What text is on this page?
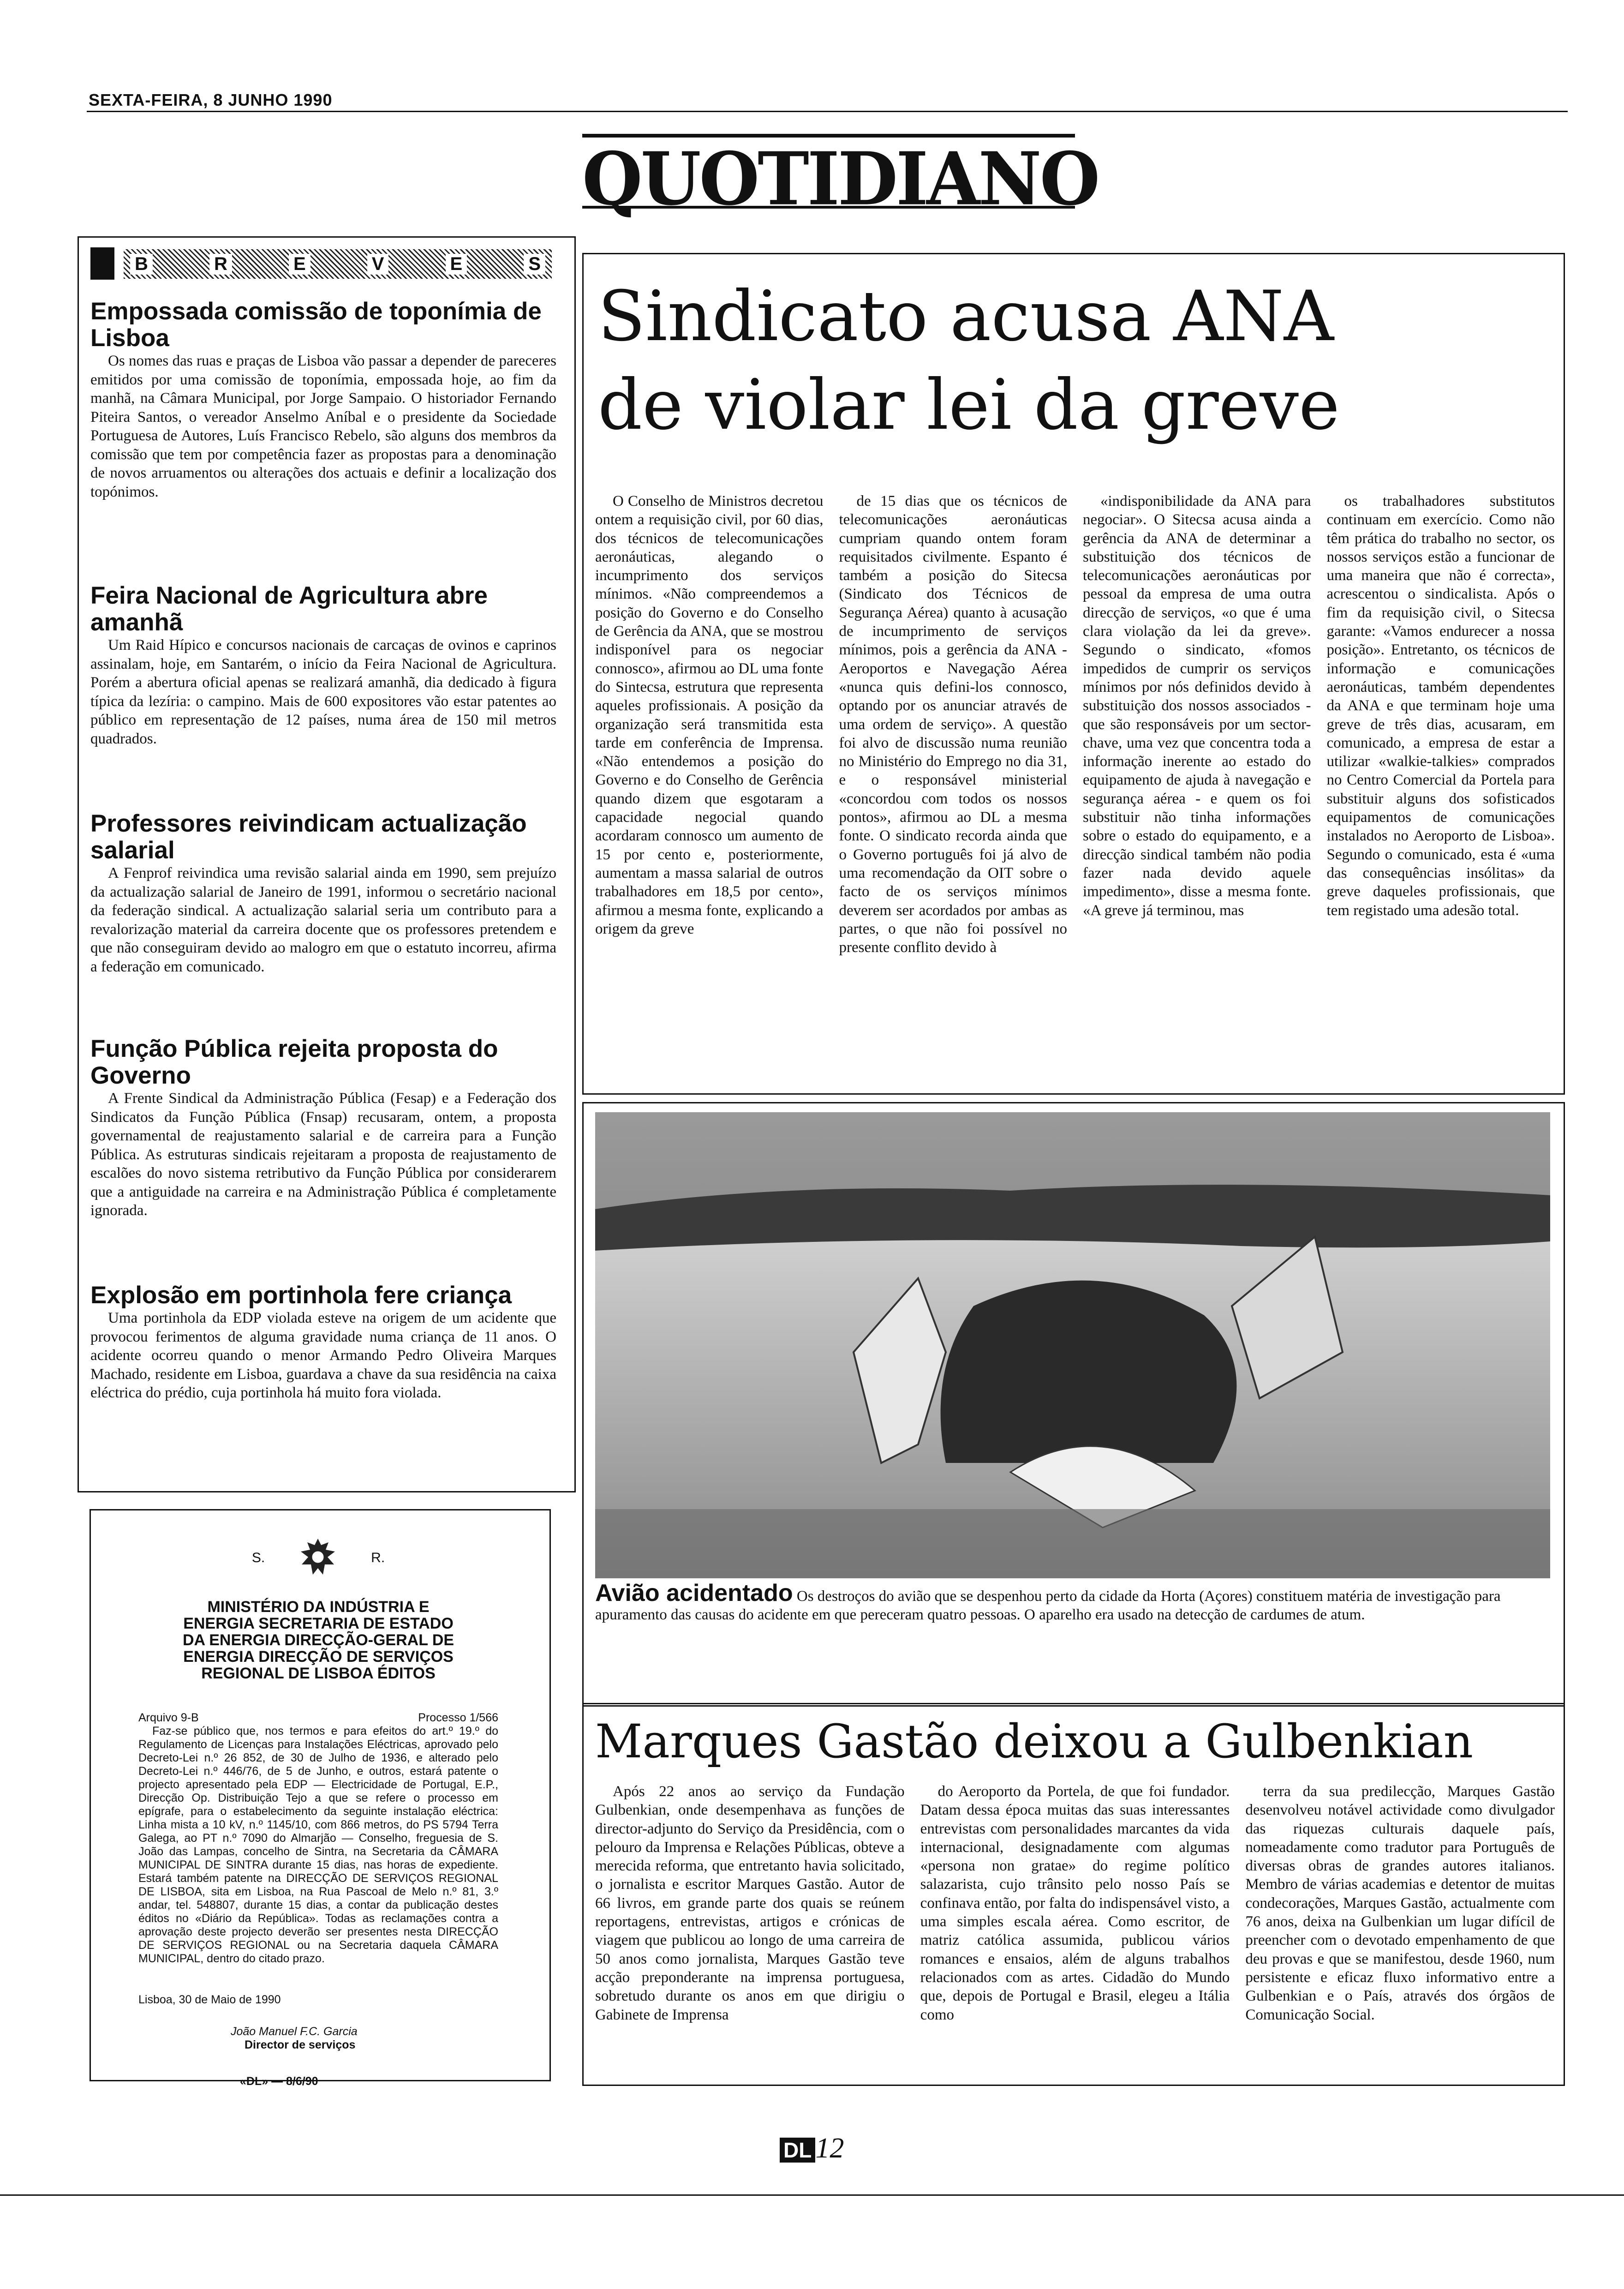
SEXTA-FEIRA, 8 JUNHO 1990
QUOTIDIANO
B	R	E	V	E	S
Empossada comissão de toponímia de Lisboa

Os nomes das ruas e praças de Lisboa vão passar a depender de pareceres emitidos por uma comissão de toponímia, empossada hoje, ao fim da manhã, na Câmara Municipal, por Jorge Sampaio. O historiador Fernando Piteira Santos, o vereador Anselmo Aníbal e o presidente da Sociedade Portuguesa de Autores, Luís Francisco Rebelo, são alguns dos membros da comissão que tem por competência fazer as propostas para a denominação de novos arruamentos ou alterações dos actuais e definir a localização dos topónimos.

Feira Nacional de Agricultura abre amanhã

Um Raid Hípico e concursos nacionais de carcaças de ovinos e caprinos assinalam, hoje, em Santarém, o início da Feira Nacional de Agricultura. Porém a abertura oficial apenas se realizará amanhã, dia dedicado à figura típica da lezíria: o campino. Mais de 600 expositores vão estar patentes ao público em representação de 12 países, numa área de 150 mil metros quadrados.

Professores reivindicam actualização salarial

A Fenprof reivindica uma revisão salarial ainda em 1990, sem prejuízo da actualização salarial de Janeiro de 1991, informou o secretário nacional da federação sindical. A actualização salarial seria um contributo para a revalorização material da carreira docente que os professores pretendem e que não conseguiram devido ao malogro em que o estatuto incorreu, afirma a federação em comunicado.

Função Pública rejeita proposta do Governo

A Frente Sindical da Administração Pública (Fesap) e a Federação dos Sindicatos da Função Pública (Fnsap) recusaram, ontem, a proposta governamental de reajustamento salarial e de carreira para a Função Pública. As estruturas sindicais rejeitaram a proposta de reajustamento de escalões do novo sistema retributivo da Função Pública por considerarem que a antiguidade na carreira e na Administração Pública é completamente ignorada.

Explosão em portinhola fere criança

Uma portinhola da EDP violada esteve na origem de um acidente que provocou ferimentos de alguma gravidade numa criança de 11 anos. O acidente ocorreu quando o menor Armando Pedro Oliveira Marques Machado, residente em Lisboa, guardava a chave da sua residência na caixa eléctrica do prédio, cuja portinhola há muito fora violada.

S.	R.
MINISTÉRIO DA INDÚSTRIA E ENERGIA SECRETARIA DE ESTADO DA ENERGIA DIRECÇÃO-GERAL DE ENERGIA DIRECÇÃO DE SERVIÇOS REGIONAL DE LISBOA ÉDITOS
Arquivo 9-B	Processo 1/566
Faz-se público que, nos termos e para efeitos do art.º 19.º do Regulamento de Licenças para Instalações Eléctricas, aprovado pelo Decreto-Lei n.º 26 852, de 30 de Julho de 1936, e alterado pelo Decreto-Lei n.º 446/76, de 5 de Junho, e outros, estará patente o projecto apresentado pela EDP — Electricidade de Portugal, E.P., Direcção Op. Distribuição Tejo a que se refere o processo em epígrafe, para o estabelecimento da seguinte instalação eléctrica: Linha mista a 10 kV, n.º 1145/10, com 866 metros, do PS 5794 Terra Galega, ao PT n.º 7090 do Almarjão — Conselho, freguesia de S. João das Lampas, concelho de Sintra, na Secretaria da CÂMARA MUNICIPAL DE SINTRA durante 15 dias, nas horas de expediente. Estará também patente na DIRECÇÃO DE SERVIÇOS REGIONAL DE LISBOA, sita em Lisboa, na Rua Pascoal de Melo n.º 81, 3.º andar, tel. 548807, durante 15 dias, a contar da publicação destes éditos no «Diário da República». Todas as reclamações contra a aprovação deste projecto deverão ser presentes nesta DIRECÇÃO DE SERVIÇOS REGIONAL ou na Secretaria daquela CÂMARA MUNICIPAL, dentro do citado prazo.
Lisboa, 30 de Maio de 1990
João Manuel F.C. Garcia
Director de serviços
«DL» — 8/6/90
Sindicato acusa ANA
de violar lei da greve

O Conselho de Ministros decretou ontem a requisição civil, por 60 dias, dos técnicos de telecomunicações aeronáuticas, alegando o incumprimento dos serviços mínimos. «Não compreendemos a posição do Governo e do Conselho de Gerência da ANA, que se mostrou indisponível para os negociar connosco», afirmou ao DL uma fonte do Sintecsa, estrutura que representa aqueles profissionais. A posição da organização será transmitida esta tarde em conferência de Imprensa. «Não entendemos a posição do Governo e do Conselho de Gerência quando dizem que esgotaram a capacidade negocial quando acordaram connosco um aumento de 15 por cento e, posteriormente, aumentam a massa salarial de outros trabalhadores em 18,5 por cento», afirmou a mesma fonte, explicando a origem da greve

de 15 dias que os técnicos de telecomunicações aeronáuticas cumpriam quando ontem foram requisitados civilmente. Espanto é também a posição do Sitecsa (Sindicato dos Técnicos de Segurança Aérea) quanto à acusação de incumprimento de serviços mínimos, pois a gerência da ANA - Aeroportos e Navegação Aérea «nunca quis defini-los connosco, optando por os anunciar através de uma ordem de serviço». A questão foi alvo de discussão numa reunião no Ministério do Emprego no dia 31, e o responsável ministerial «concordou com todos os nossos pontos», afirmou ao DL a mesma fonte. O sindicato recorda ainda que o Governo português foi já alvo de uma recomendação da OIT sobre o facto de os serviços mínimos deverem ser acordados por ambas as partes, o que não foi possível no presente conflito devido à

«indisponibilidade da ANA para negociar». O Sitecsa acusa ainda a gerência da ANA de determinar a substituição dos técnicos de telecomunicações aeronáuticas por pessoal da empresa de uma outra direcção de serviços, «o que é uma clara violação da lei da greve». Segundo o sindicato, «fomos impedidos de cumprir os serviços mínimos por nós definidos devido à substituição dos nossos associados - que são responsáveis por um sector-chave, uma vez que concentra toda a informação inerente ao estado do equipamento de ajuda à navegação e segurança aérea - e quem os foi substituir não tinha informações sobre o estado do equipamento, e a direcção sindical também não podia fazer nada devido aquele impedimento», disse a mesma fonte. «A greve já terminou, mas

os trabalhadores substitutos continuam em exercício. Como não têm prática do trabalho no sector, os nossos serviços estão a funcionar de uma maneira que não é correcta», acrescentou o sindicalista. Após o fim da requisição civil, o Sitecsa garante: «Vamos endurecer a nossa posição». Entretanto, os técnicos de informação e comunicações aeronáuticas, também dependentes da ANA e que terminam hoje uma greve de três dias, acusaram, em comunicado, a empresa de estar a utilizar «walkie-talkies» comprados no Centro Comercial da Portela para substituir alguns dos sofisticados equipamentos de comunicações instalados no Aeroporto de Lisboa». Segundo o comunicado, esta é «uma das consequências insólitas» da greve daqueles profissionais, que tem registado uma adesão total.

Avião acidentado Os destroços do avião que se despenhou perto da cidade da Horta (Açores) constituem matéria de investigação para apuramento das causas do acidente em que pereceram quatro pessoas. O aparelho era usado na detecção de cardumes de atum.
Marques Gastão deixou a Gulbenkian

Após 22 anos ao serviço da Fundação Gulbenkian, onde desempenhava as funções de director-adjunto do Serviço da Presidência, com o pelouro da Imprensa e Relações Públicas, obteve a merecida reforma, que entretanto havia solicitado, o jornalista e escritor Marques Gastão. Autor de 66 livros, em grande parte dos quais se reúnem reportagens, entrevistas, artigos e crónicas de viagem que publicou ao longo de uma carreira de 50 anos como jornalista, Marques Gastão teve acção preponderante na imprensa portuguesa, sobretudo durante os anos em que dirigiu o Gabinete de Imprensa

do Aeroporto da Portela, de que foi fundador. Datam dessa época muitas das suas interessantes entrevistas com personalidades marcantes da vida internacional, designadamente com algumas «persona non gratae» do regime político salazarista, cujo trânsito pelo nosso País se confinava então, por falta do indispensável visto, a uma simples escala aérea. Como escritor, de matriz católica assumida, publicou vários romances e ensaios, além de alguns trabalhos relacionados com as artes. Cidadão do Mundo que, depois de Portugal e Brasil, elegeu a Itália como

terra da sua predilecção, Marques Gastão desenvolveu notável actividade como divulgador das riquezas culturais daquele país, nomeadamente como tradutor para Português de diversas obras de grandes autores italianos. Membro de várias academias e detentor de muitas condecorações, Marques Gastão, actualmente com 76 anos, deixa na Gulbenkian um lugar difícil de preencher com o devotado empenhamento de que deu provas e que se manifestou, desde 1960, num persistente e eficaz fluxo informativo entre a Gulbenkian e o País, através dos órgãos de Comunicação Social.

DL 12
